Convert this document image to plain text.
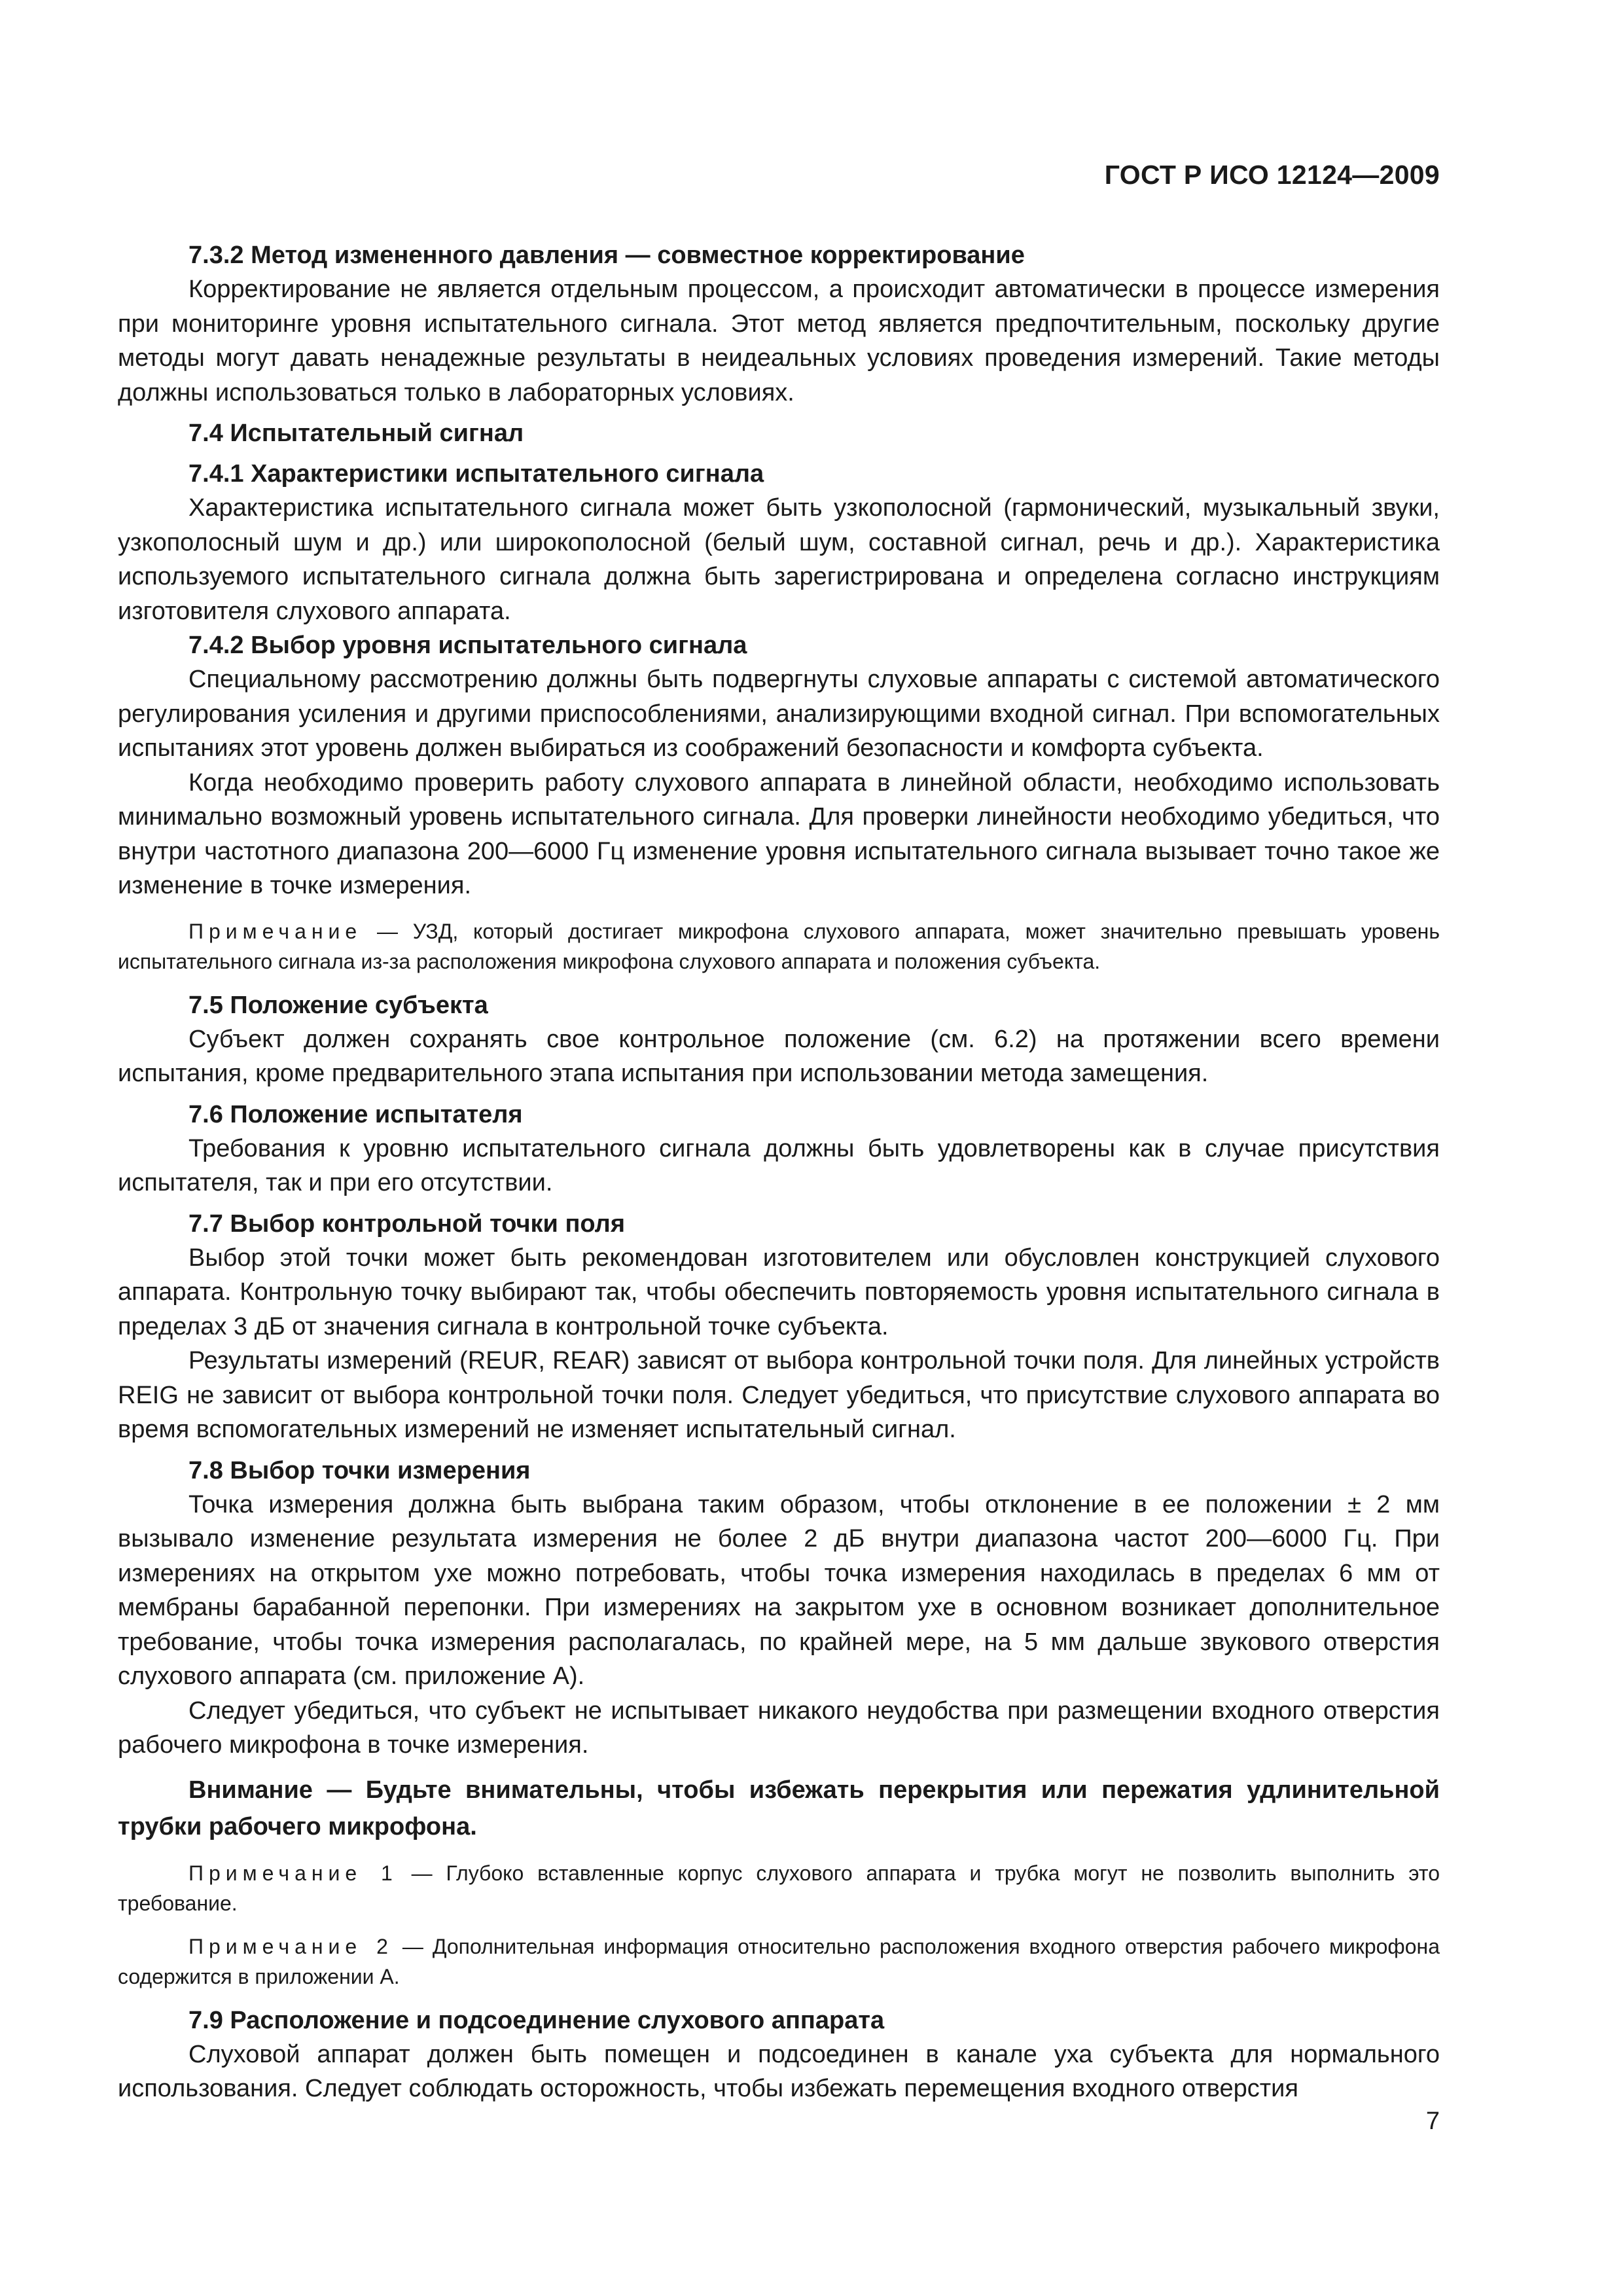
ГОСТ Р ИСО 12124—2009
7.3.2 Метод измененного давления — совместное корректирование

Корректирование не является отдельным процессом, а происходит автоматически в процессе измерения при мониторинге уровня испытательного сигнала. Этот метод является предпочтительным, поскольку другие методы могут давать ненадежные результаты в неидеальных условиях проведения измерений. Такие методы должны использоваться только в лабораторных условиях.

7.4 Испытательный сигнал
7.4.1 Характеристики испытательного сигнала

Характеристика испытательного сигнала может быть узкополосной (гармонический, музыкальный звуки, узкополосный шум и др.) или широкополосной (белый шум, составной сигнал, речь и др.). Характеристика используемого испытательного сигнала должна быть зарегистрирована и определена согласно инструкциям изготовителя слухового аппарата.

7.4.2 Выбор уровня испытательного сигнала

Специальному рассмотрению должны быть подвергнуты слуховые аппараты с системой автоматического регулирования усиления и другими приспособлениями, анализирующими входной сигнал. При вспомогательных испытаниях этот уровень должен выбираться из соображений безопасности и комфорта субъекта.

Когда необходимо проверить работу слухового аппарата в линейной области, необходимо использовать минимально возможный уровень испытательного сигнала. Для проверки линейности необходимо убедиться, что внутри частотного диапазона 200—6000 Гц изменение уровня испытательного сигнала вызывает точно такое же изменение в точке измерения.

Примечание — УЗД, который достигает микрофона слухового аппарата, может значительно превышать уровень испытательного сигнала из-за расположения микрофона слухового аппарата и положения субъекта.

7.5 Положение субъекта

Субъект должен сохранять свое контрольное положение (см. 6.2) на протяжении всего времени испытания, кроме предварительного этапа испытания при использовании метода замещения.

7.6 Положение испытателя

Требования к уровню испытательного сигнала должны быть удовлетворены как в случае присутствия испытателя, так и при его отсутствии.

7.7 Выбор контрольной точки поля

Выбор этой точки может быть рекомендован изготовителем или обусловлен конструкцией слухового аппарата. Контрольную точку выбирают так, чтобы обеспечить повторяемость уровня испытательного сигнала в пределах 3 дБ от значения сигнала в контрольной точке субъекта.

Результаты измерений (REUR, REAR) зависят от выбора контрольной точки поля. Для линейных устройств REIG не зависит от выбора контрольной точки поля. Следует убедиться, что присутствие слухового аппарата во время вспомогательных измерений не изменяет испытательный сигнал.

7.8 Выбор точки измерения

Точка измерения должна быть выбрана таким образом, чтобы отклонение в ее положении ± 2 мм вызывало изменение результата измерения не более 2 дБ внутри диапазона частот 200—6000 Гц. При измерениях на открытом ухе можно потребовать, чтобы точка измерения находилась в пределах 6 мм от мембраны барабанной перепонки. При измерениях на закрытом ухе в основном возникает дополнительное требование, чтобы точка измерения располагалась, по крайней мере, на 5 мм дальше звукового отверстия слухового аппарата (см. приложение А).

Следует убедиться, что субъект не испытывает никакого неудобства при размещении входного отверстия рабочего микрофона в точке измерения.

Внимание — Будьте внимательны, чтобы избежать перекрытия или пережатия удлинительной трубки рабочего микрофона.

Примечание 1 — Глубоко вставленные корпус слухового аппарата и трубка могут не позволить выполнить это требование.

Примечание 2 — Дополнительная информация относительно расположения входного отверстия рабочего микрофона содержится в приложении А.

7.9 Расположение и подсоединение слухового аппарата

Слуховой аппарат должен быть помещен и подсоединен в канале уха субъекта для нормального использования. Следует соблюдать осторожность, чтобы избежать перемещения входного отверстия

7
